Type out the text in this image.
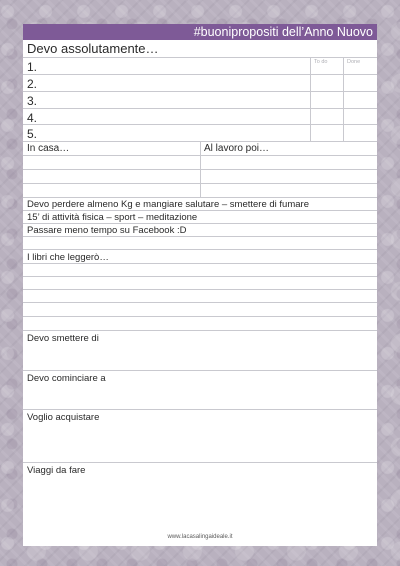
#buonipropositi dell’Anno Nuovo
Devo assolutamente…
To do	Done
1.
2.
3.
4.
5.
In casa…	Al lavoro poi…
Devo perdere almeno Kg e mangiare salutare – smettere di fumare
15’ di attività fisica – sport – meditazione
Passare meno tempo su Facebook :D
I libri che leggerò…
Devo smettere di
Devo cominciare a
Voglio acquistare
Viaggi da fare
www.lacasalingaideale.it
